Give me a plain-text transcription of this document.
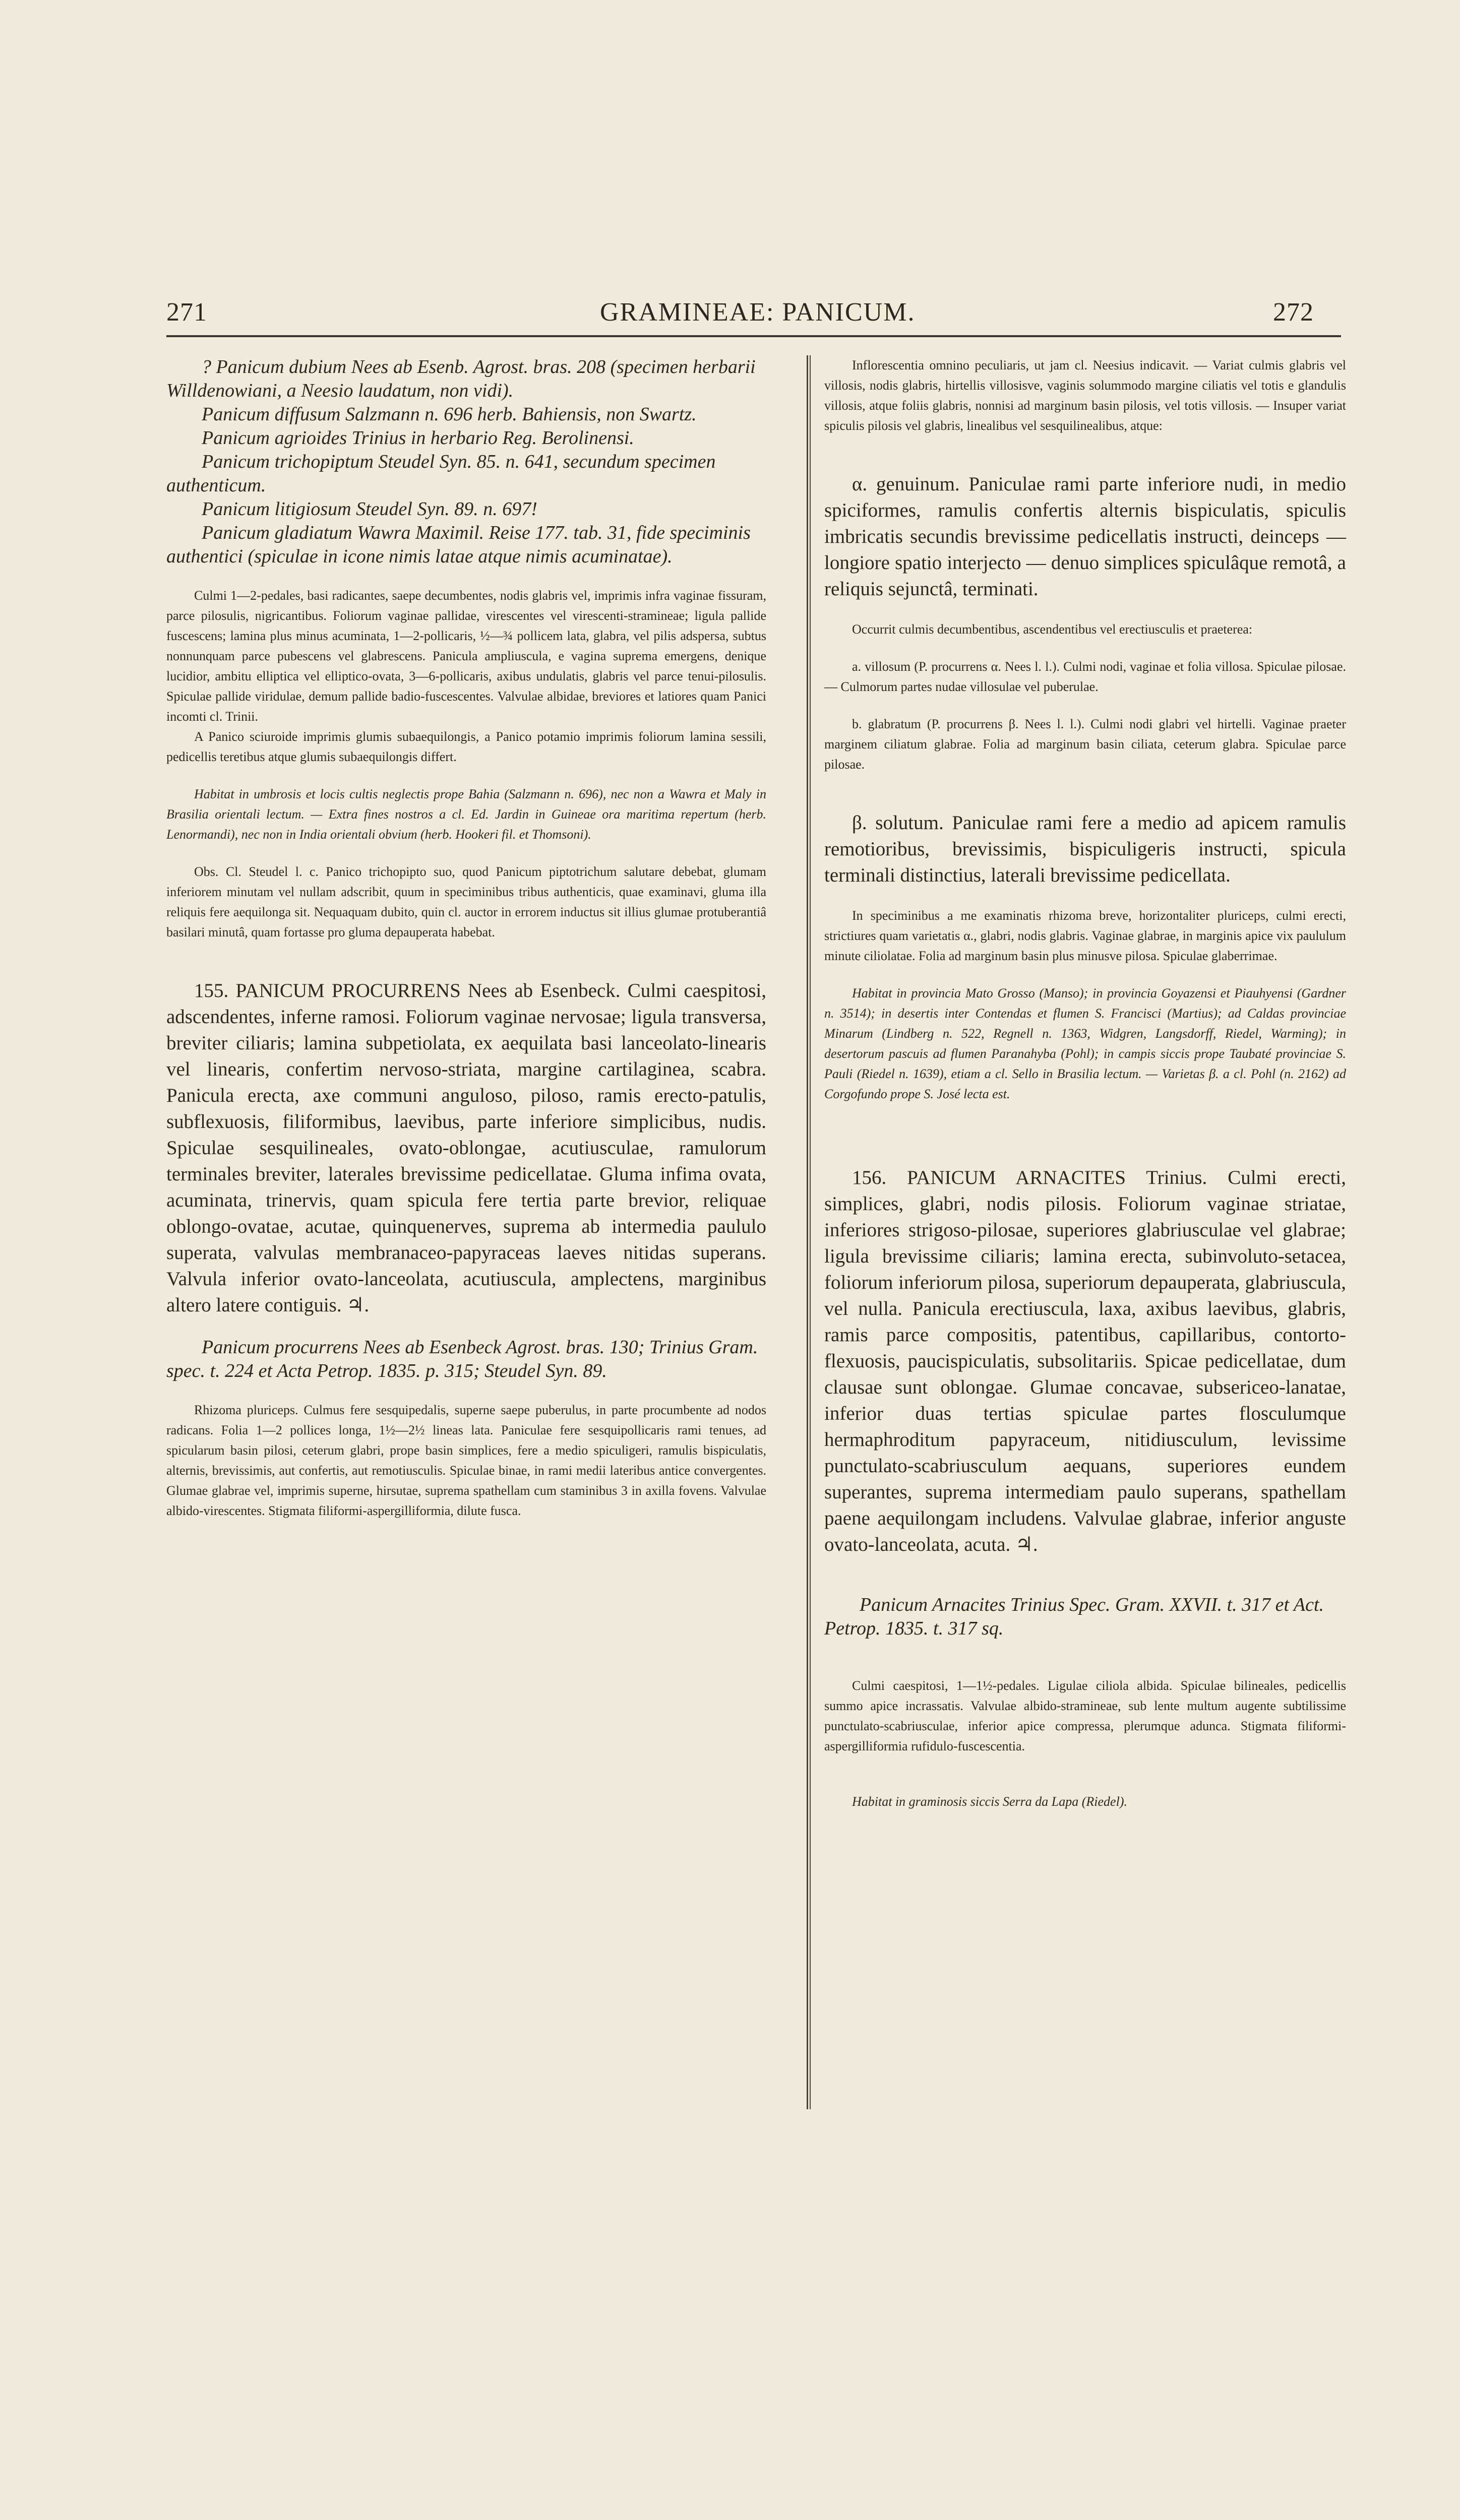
271	GRAMINEAE: PANICUM.	272

? Panicum dubium Nees ab Esenb. Agrost. bras. 208 (specimen herbarii Willdenowiani, a Neesio laudatum, non vidi).

Panicum diffusum Salzmann n. 696 herb. Bahiensis, non Swartz.

Panicum agrioides Trinius in herbario Reg. Berolinensi.

Panicum trichopiptum Steudel Syn. 85. n. 641, secundum specimen authenticum.

Panicum litigiosum Steudel Syn. 89. n. 697!

Panicum gladiatum Wawra Maximil. Reise 177. tab. 31, fide speciminis authentici (spiculae in icone nimis latae atque nimis acuminatae).

Culmi 1—2-pedales, basi radicantes, saepe decumbentes, nodis glabris vel, imprimis infra vaginae fissuram, parce pilosulis, nigricantibus. Foliorum vaginae pallidae, virescentes vel virescenti-stramineae; ligula pallide fuscescens; lamina plus minus acuminata, 1—2-pollicaris, ½—¾ pollicem lata, glabra, vel pilis adspersa, subtus nonnunquam parce pubescens vel glabrescens. Panicula ampliuscula, e vagina suprema emergens, denique lucidior, ambitu elliptica vel elliptico-ovata, 3—6-pollicaris, axibus undulatis, glabris vel parce tenui-pilosulis. Spiculae pallide viridulae, demum pallide badio-fuscescentes. Valvulae albidae, breviores et latiores quam Panici incomti cl. Trinii.

A Panico sciuroide imprimis glumis subaequilongis, a Panico potamio imprimis foliorum lamina sessili, pedicellis teretibus atque glumis subaequilongis differt.

Habitat in umbrosis et locis cultis neglectis prope Bahia (Salzmann n. 696), nec non a Wawra et Maly in Brasilia orientali lectum. — Extra fines nostros a cl. Ed. Jardin in Guineae ora maritima repertum (herb. Lenormandi), nec non in India orientali obvium (herb. Hookeri fil. et Thomsoni).

Obs. Cl. Steudel l. c. Panico trichopipto suo, quod Panicum piptotrichum salutare debebat, glumam inferiorem minutam vel nullam adscribit, quum in speciminibus tribus authenticis, quae examinavi, gluma illa reliquis fere aequilonga sit. Nequaquam dubito, quin cl. auctor in errorem inductus sit illius glumae protuberantiâ basilari minutâ, quam fortasse pro gluma depauperata habebat.

155. PANICUM PROCURRENS Nees ab Esenbeck. Culmi caespitosi, adscendentes, inferne ramosi. Foliorum vaginae nervosae; ligula transversa, breviter ciliaris; lamina subpetiolata, ex aequilata basi lanceolato-linearis vel linearis, confertim nervoso-striata, margine cartilaginea, scabra. Panicula erecta, axe communi anguloso, piloso, ramis erecto-patulis, subflexuosis, filiformibus, laevibus, parte inferiore simplicibus, nudis. Spiculae sesquilineales, ovato-oblongae, acutiusculae, ramulorum terminales breviter, laterales brevissime pedicellatae. Gluma infima ovata, acuminata, trinervis, quam spicula fere tertia parte brevior, reliquae oblongo-ovatae, acutae, quinquenerves, suprema ab intermedia paululo superata, valvulas membranaceo-papyraceas laeves nitidas superans. Valvula inferior ovato-lanceolata, acutiuscula, amplectens, marginibus altero latere contiguis. ♃.

Panicum procurrens Nees ab Esenbeck Agrost. bras. 130; Trinius Gram. spec. t. 224 et Acta Petrop. 1835. p. 315; Steudel Syn. 89.

Rhizoma pluriceps. Culmus fere sesquipedalis, superne saepe puberulus, in parte procumbente ad nodos radicans. Folia 1—2 pollices longa, 1½—2½ lineas lata. Paniculae fere sesquipollicaris rami tenues, ad spicularum basin pilosi, ceterum glabri, prope basin simplices, fere a medio spiculigeri, ramulis bispiculatis, alternis, brevissimis, aut confertis, aut remotiusculis. Spiculae binae, in rami medii lateribus antice convergentes. Glumae glabrae vel, imprimis superne, hirsutae, suprema spathellam cum staminibus 3 in axilla fovens. Valvulae albido-virescentes. Stigmata filiformi-aspergilliformia, dilute fusca.

Inflorescentia omnino peculiaris, ut jam cl. Neesius indicavit. — Variat culmis glabris vel villosis, nodis glabris, hirtellis villosisve, vaginis solummodo margine ciliatis vel totis e glandulis villosis, atque foliis glabris, nonnisi ad marginum basin pilosis, vel totis villosis. — Insuper variat spiculis pilosis vel glabris, linealibus vel sesquilinealibus, atque:

α. genuinum. Paniculae rami parte inferiore nudi, in medio spiciformes, ramulis confertis alternis bispiculatis, spiculis imbricatis secundis brevissime pedicellatis instructi, deinceps — longiore spatio interjecto — denuo simplices spiculâque remotâ, a reliquis sejunctâ, terminati.

Occurrit culmis decumbentibus, ascendentibus vel erectiusculis et praeterea:

a. villosum (P. procurrens α. Nees l. l.). Culmi nodi, vaginae et folia villosa. Spiculae pilosae. — Culmorum partes nudae villosulae vel puberulae.

b. glabratum (P. procurrens β. Nees l. l.). Culmi nodi glabri vel hirtelli. Vaginae praeter marginem ciliatum glabrae. Folia ad marginum basin ciliata, ceterum glabra. Spiculae parce pilosae.

β. solutum. Paniculae rami fere a medio ad apicem ramulis remotioribus, brevissimis, bispiculigeris instructi, spicula terminali distinctius, laterali brevissime pedicellata.

In speciminibus a me examinatis rhizoma breve, horizontaliter pluriceps, culmi erecti, strictiures quam varietatis α., glabri, nodis glabris. Vaginae glabrae, in marginis apice vix paululum minute ciliolatae. Folia ad marginum basin plus minusve pilosa. Spiculae glaberrimae.

Habitat in provincia Mato Grosso (Manso); in provincia Goyazensi et Piauhyensi (Gardner n. 3514); in desertis inter Contendas et flumen S. Francisci (Martius); ad Caldas provinciae Minarum (Lindberg n. 522, Regnell n. 1363, Widgren, Langsdorff, Riedel, Warming); in desertorum pascuis ad flumen Paranahyba (Pohl); in campis siccis prope Taubaté provinciae S. Pauli (Riedel n. 1639), etiam a cl. Sello in Brasilia lectum. — Varietas β. a cl. Pohl (n. 2162) ad Corgofundo prope S. José lecta est.

156. PANICUM ARNACITES Trinius. Culmi erecti, simplices, glabri, nodis pilosis. Foliorum vaginae striatae, inferiores strigoso-pilosae, superiores glabriusculae vel glabrae; ligula brevissime ciliaris; lamina erecta, subinvoluto-setacea, foliorum inferiorum pilosa, superiorum depauperata, glabriuscula, vel nulla. Panicula erectiuscula, laxa, axibus laevibus, glabris, ramis parce compositis, patentibus, capillaribus, contorto-flexuosis, paucispiculatis, subsolitariis. Spicae pedicellatae, dum clausae sunt oblongae. Glumae concavae, subsericeo-lanatae, inferior duas tertias spiculae partes flosculumque hermaphroditum papyraceum, nitidiusculum, levissime punctulato-scabriusculum aequans, superiores eundem superantes, suprema intermediam paulo superans, spathellam paene aequilongam includens. Valvulae glabrae, inferior anguste ovato-lanceolata, acuta. ♃.

Panicum Arnacites Trinius Spec. Gram. XXVII. t. 317 et Act. Petrop. 1835. t. 317 sq.

Culmi caespitosi, 1—1½-pedales. Ligulae ciliola albida. Spiculae bilineales, pedicellis summo apice incrassatis. Valvulae albido-stramineae, sub lente multum augente subtilissime punctulato-scabriusculae, inferior apice compressa, plerumque adunca. Stigmata filiformi-aspergilliformia rufidulo-fuscescentia.

Habitat in graminosis siccis Serra da Lapa (Riedel).
